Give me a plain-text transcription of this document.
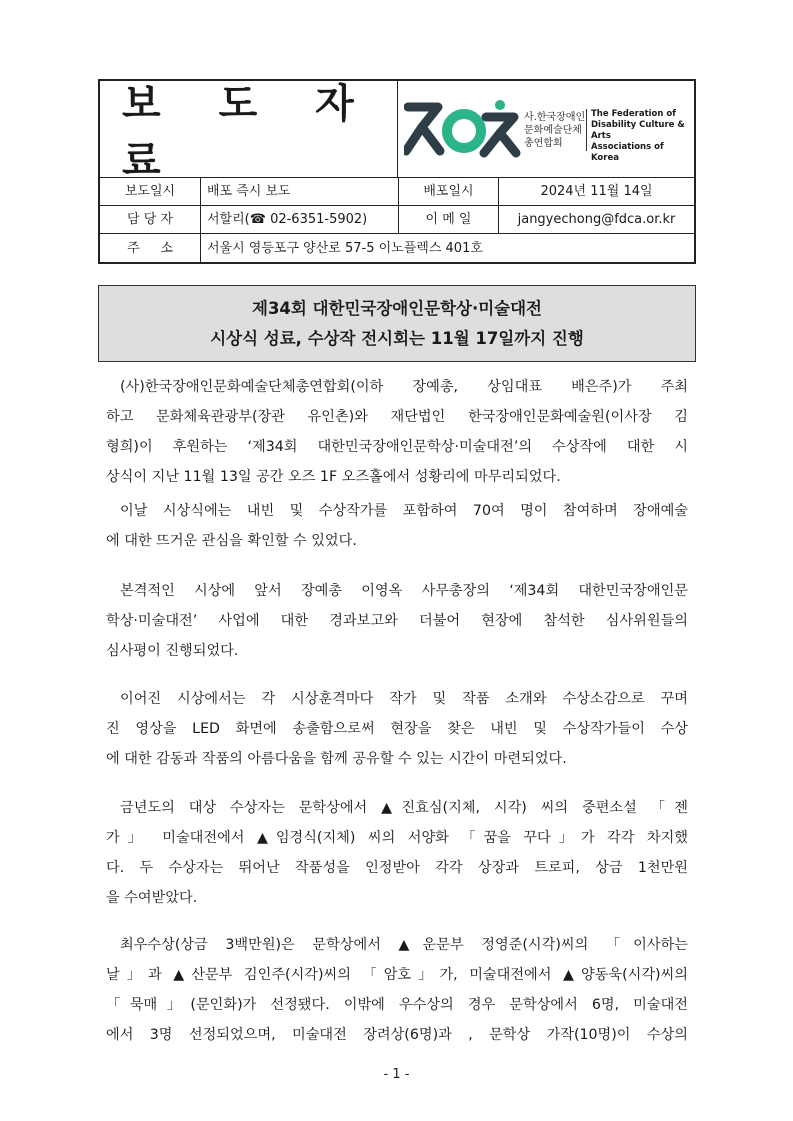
보 도 자 료
사.한국장애인
문화예술단체
총연합회
The Federation of
Disability Culture & Arts
Associations of
Korea
보도일시	배포 즉시 보도	배포일시	2024년 11월 14일
담 당 자	서할리(☎ 02-6351-5902)	이 메 일	jangyechong@fdca.or.kr
주     소	서울시 영등포구 양산로 57-5 이노플렉스 401호
제34회 대한민국장애인문학상·미술대전
시상식 성료, 수상작 전시회는 11월 17일까지 진행
(사)한국장애인문화예술단체총연합회(이하 장예총, 상임대표 배은주)가 주최
하고 문화체육관광부(장관 유인촌)와 재단법인 한국장애인문화예술원(이사장 김
형희)이 후원하는 ‘제34회 대한민국장애인문학상·미술대전’의 수상작에 대한 시
상식이 지난 11월 13일 공간 오즈 1F 오즈홀에서 성황리에 마무리되었다.
이날 시상식에는 내빈 및 수상작가를 포함하여 70여 명이 참여하며 장애예술
에 대한 뜨거운 관심을 확인할 수 있었다.
본격적인 시상에 앞서 장예총 이영옥 사무총장의 ‘제34회 대한민국장애인문
학상·미술대전’ 사업에 대한 경과보고와 더불어 현장에 참석한 심사위원들의
심사평이 진행되었다.
이어진 시상에서는 각 시상훈격마다 작가 및 작품 소개와 수상소감으로 꾸며
진 영상을 LED 화면에 송출함으로써 현장을 찾은 내빈 및 수상작가들이 수상
에 대한 감동과 작품의 아름다움을 함께 공유할 수 있는 시간이 마련되었다.
금년도의 대상 수상자는 문학상에서 ▲진효심(지체, 시각) 씨의 중편소설 「젠
가」 미술대전에서 ▲임경식(지체) 씨의 서양화 「꿈을 꾸다」가 각각 차지했
다. 두 수상자는 뛰어난 작품성을 인정받아 각각 상장과 트로피, 상금 1천만원
을 수여받았다.
최우수상(상금 3백만원)은 문학상에서 ▲운문부 정영준(시각)씨의 「이사하는
날」과 ▲산문부 김인주(시각)씨의 「암호」가, 미술대전에서 ▲양동욱(시각)씨의
「묵매」(문인화)가 선정됐다. 이밖에 우수상의 경우 문학상에서 6명, 미술대전
에서 3명 선정되었으며, 미술대전 장려상(6명)과 , 문학상 가작(10명)이 수상의
- 1 -
